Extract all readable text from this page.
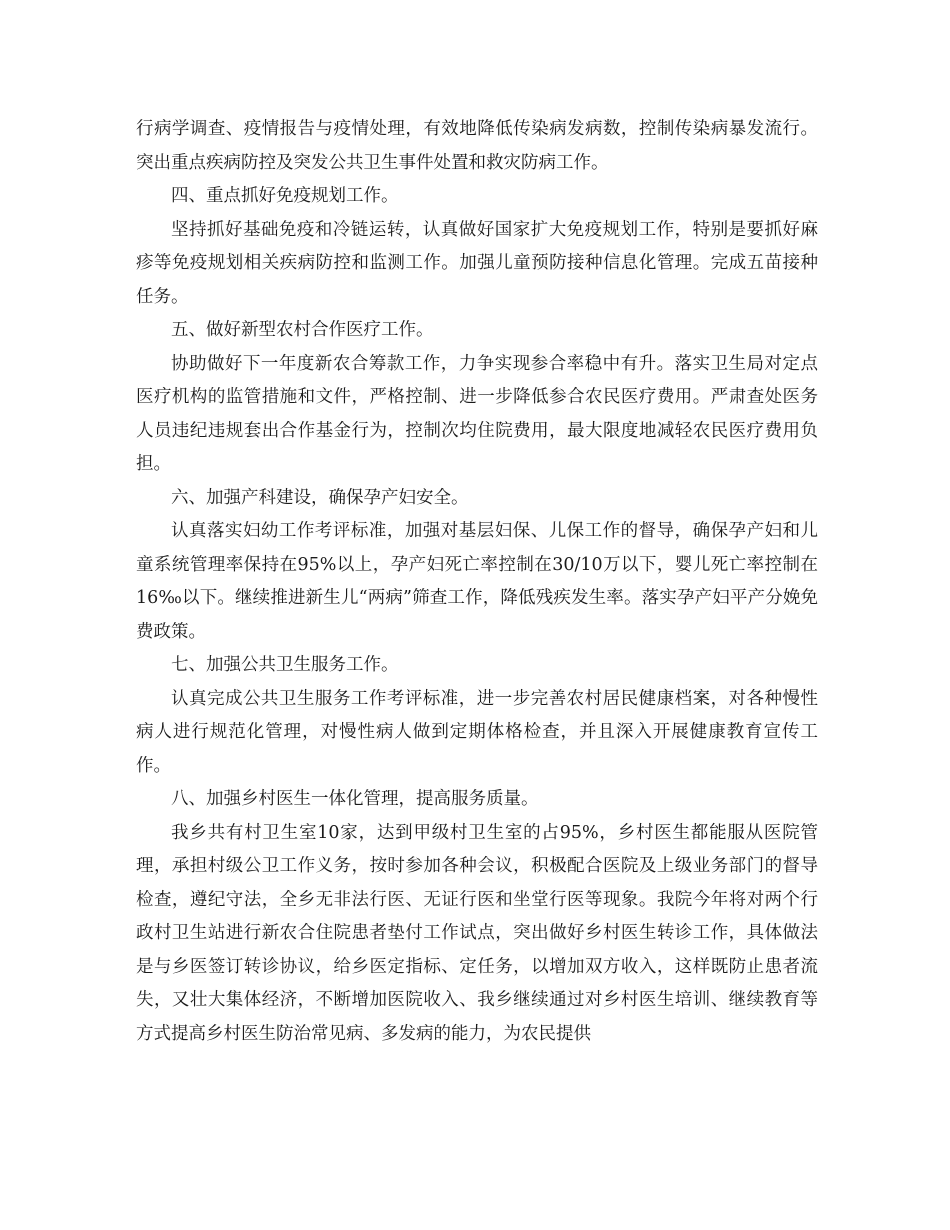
行病学调查、疫情报告与疫情处理，有效地降低传染病发病数，控制传染病暴发流行。突出重点疾病防控及突发公共卫生事件处置和救灾防病工作。

四、重点抓好免疫规划工作。

坚持抓好基础免疫和冷链运转，认真做好国家扩大免疫规划工作，特别是要抓好麻疹等免疫规划相关疾病防控和监测工作。加强儿童预防接种信息化管理。完成五苗接种任务。

五、做好新型农村合作医疗工作。

协助做好下一年度新农合筹款工作，力争实现参合率稳中有升。落实卫生局对定点医疗机构的监管措施和文件，严格控制、进一步降低参合农民医疗费用。严肃查处医务人员违纪违规套出合作基金行为，控制次均住院费用，最大限度地减轻农民医疗费用负担。

六、加强产科建设，确保孕产妇安全。

认真落实妇幼工作考评标准，加强对基层妇保、儿保工作的督导，确保孕产妇和儿童系统管理率保持在95%以上，孕产妇死亡率控制在30/10万以下，婴儿死亡率控制在16‰以下。继续推进新生儿“两病”筛查工作，降低残疾发生率。落实孕产妇平产分娩免费政策。

七、加强公共卫生服务工作。

认真完成公共卫生服务工作考评标准，进一步完善农村居民健康档案，对各种慢性病人进行规范化管理，对慢性病人做到定期体格检查，并且深入开展健康教育宣传工作。

八、加强乡村医生一体化管理，提高服务质量。

我乡共有村卫生室10家，达到甲级村卫生室的占95%，乡村医生都能服从医院管理，承担村级公卫工作义务，按时参加各种会议，积极配合医院及上级业务部门的督导检查，遵纪守法，全乡无非法行医、无证行医和坐堂行医等现象。我院今年将对两个行政村卫生站进行新农合住院患者垫付工作试点，突出做好乡村医生转诊工作，具体做法是与乡医签订转诊协议，给乡医定指标、定任务，以增加双方收入，这样既防止患者流失，又壮大集体经济，不断增加医院收入、我乡继续通过对乡村医生培训、继续教育等方式提高乡村医生防治常见病、多发病的能力，为农民提供
